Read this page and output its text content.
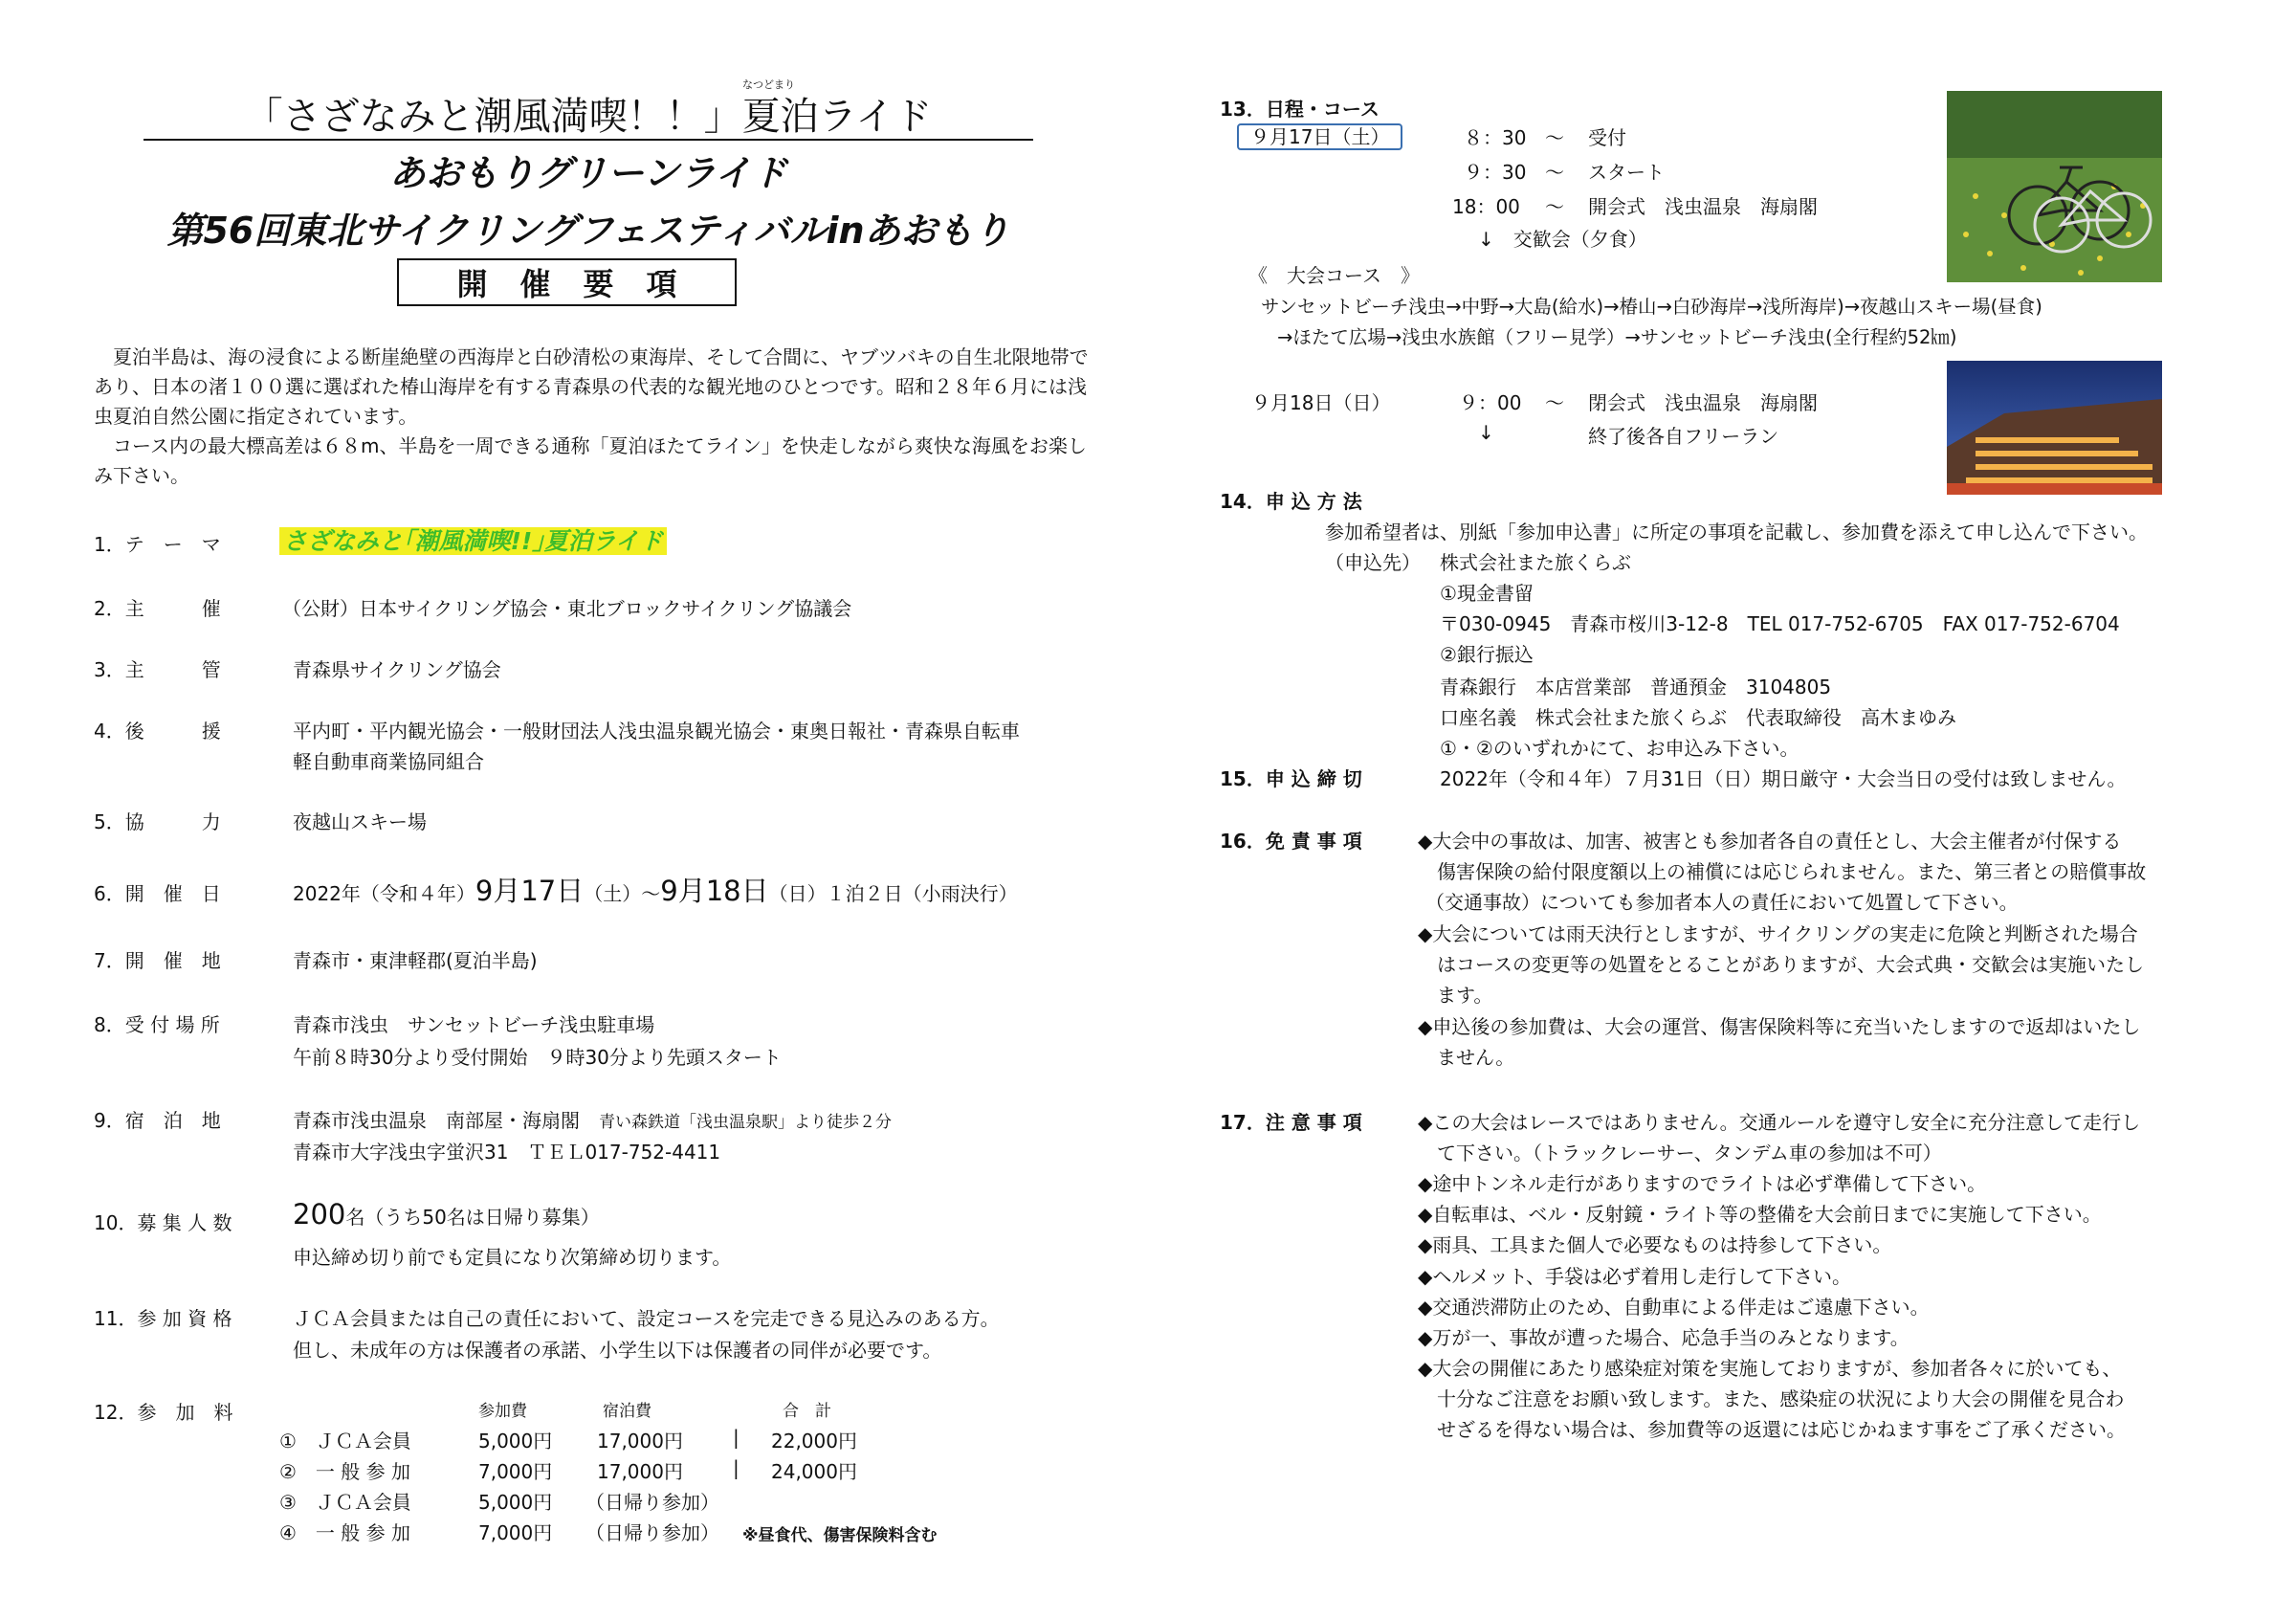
なつどまり
「さざなみと潮風満喫！！」夏泊ライド
あおもりグリーンライド
第56回東北サイクリングフェスティバルinあおもり
開催要項
夏泊半島は、海の浸食による断崖絶壁の西海岸と白砂清松の東海岸、そして合間に、ヤブツバキの自生北限地帯であり、日本の渚１００選に選ばれた椿山海岸を有する青森県の代表的な観光地のひとつです。昭和２８年６月には浅虫夏泊自然公園に指定されています。
コース内の最大標高差は６８m、半島を一周できる通称「夏泊ほたてライン」を快走しながら爽快な海風をお楽しみ下さい。
1．テ　ー　マ	さざなみと｢潮風満喫!!｣夏泊ライド
2．主　　　催	（公財）日本サイクリング協会・東北ブロックサイクリング協議会
3．主　　　管	青森県サイクリング協会
4．後　　　援	平内町・平内観光協会・一般財団法人浅虫温泉観光協会・東奥日報社・青森県自転車
軽自動車商業協同組合
5．協　　　力	夜越山スキー場
6．開　催　日	2022年（令和４年）9月17日（土）～9月18日（日）１泊２日（小雨決行）
7．開　催　地	青森市・東津軽郡(夏泊半島)
8．受 付 場 所	青森市浅虫　サンセットビーチ浅虫駐車場
午前８時30分より受付開始　９時30分より先頭スタート
9．宿　泊　地	青森市浅虫温泉　南部屋・海扇閣　 青い森鉄道「浅虫温泉駅」より徒歩２分
青森市大字浅虫字蛍沢31　ＴＥＬ017-752-4411
10．募 集 人 数 200名（うち50名は日帰り募集）
申込締め切り前でも定員になり次第締め切ります。
11．参 加 資 格	ＪＣＡ会員または自己の責任において、設定コースを完走できる見込みのある方。
但し、未成年の方は保護者の承諾、小学生以下は保護者の同伴が必要です。
12．参　加　料	参加費	宿泊費	合　計
①　ＪＣＡ会員	5,000円 17,000円	| 22,000円
②　一 般 参 加	7,000円 17,000円	| 24,000円
③　ＪＣＡ会員	5,000円 （日帰り参加）
④　一 般 参 加	7,000円 （日帰り参加） ※昼食代、傷害保険料含む
13．日程・コース
９月17日（土）	８：30 ～ 受付
９：30 ～ スタート
18：00 ～ 開会式　浅虫温泉　海扇閣
↓　交歓会（夕食）
《　大会コース　》
サンセットビーチ浅虫→中野→大島(給水)→椿山→白砂海岸→浅所海岸)→夜越山スキー場(昼食)
→ほたて広場→浅虫水族館（フリー見学）→サンセットビーチ浅虫(全行程約52㎞)
９月18日（日）	９：00 ～ 閉会式　浅虫温泉　海扇閣
↓	終了後各自フリーラン
14．申 込 方 法
参加希望者は、別紙「参加申込書」に所定の事項を記載し、参加費を添えて申し込んで下さい。
（申込先） 株式会社また旅くらぶ
①現金書留
〒030-0945　青森市桜川3-12-8　TEL 017-752-6705　FAX 017-752-6704
②銀行振込
青森銀行　本店営業部　普通預金　3104805
口座名義　株式会社また旅くらぶ　代表取締役　高木まゆみ
①・②のいずれかにて、お申込み下さい。
15．申 込 締 切	2022年（令和４年）７月31日（日）期日厳守・大会当日の受付は致しません。
16．免 責 事 項	◆大会中の事故は、加害、被害とも参加者各自の責任とし、大会主催者が付保する
　傷害保険の給付限度額以上の補償には応じられません。また、第三者との賠償事故
（交通事故）についても参加者本人の責任において処置して下さい。
◆大会については雨天決行としますが、サイクリングの実走に危険と判断された場合
　はコースの変更等の処置をとることがありますが、大会式典・交歓会は実施いたし
　ます。
◆申込後の参加費は、大会の運営、傷害保険料等に充当いたしますので返却はいたし
　ません。
17．注 意 事 項	◆この大会はレースではありません。交通ルールを遵守し安全に充分注意して走行し
　て下さい。（トラックレーサー、タンデム車の参加は不可）
◆途中トンネル走行がありますのでライトは必ず準備して下さい。
◆自転車は、ベル・反射鏡・ライト等の整備を大会前日までに実施して下さい。
◆雨具、工具また個人で必要なものは持参して下さい。
◆ヘルメット、手袋は必ず着用し走行して下さい。
◆交通渋滞防止のため、自動車による伴走はご遠慮下さい。
◆万が一、事故が遭った場合、応急手当のみとなります。
◆大会の開催にあたり感染症対策を実施しておりますが、参加者各々に於いても、
　十分なご注意をお願い致します。また、感染症の状況により大会の開催を見合わ
　せざるを得ない場合は、参加費等の返還には応じかねます事をご了承ください。
